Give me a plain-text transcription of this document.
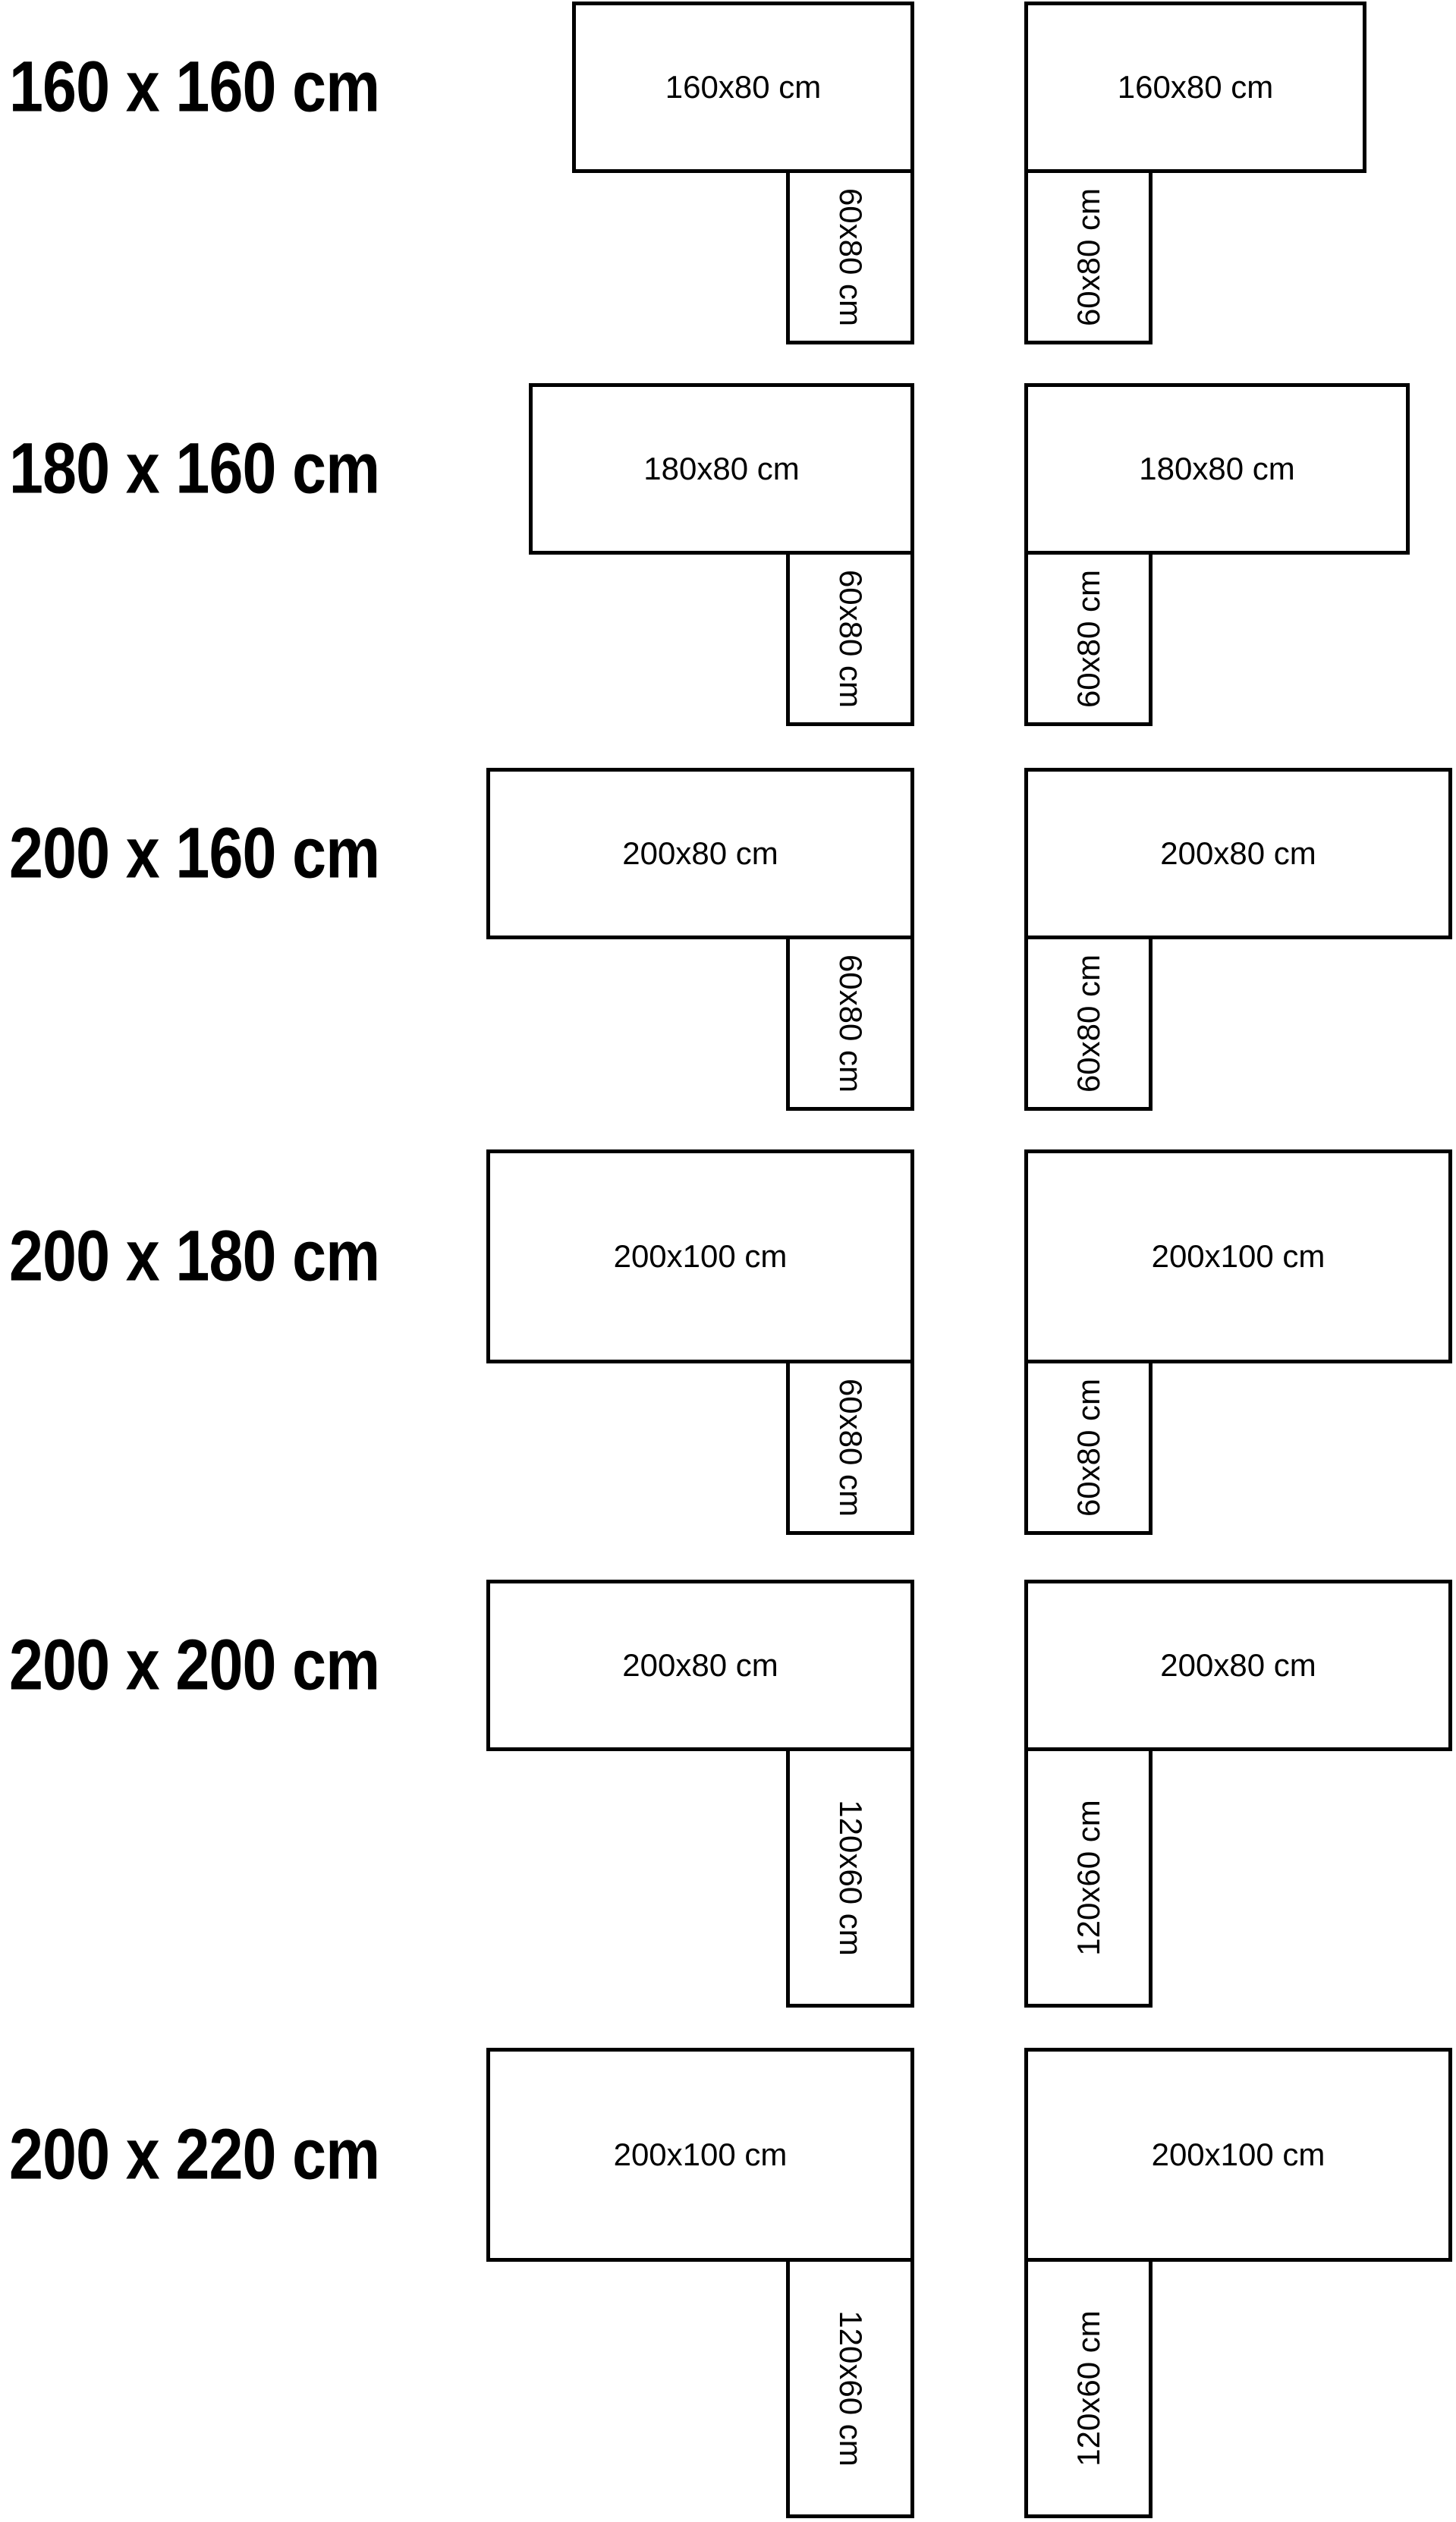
160 x 160 cm	160x80 cm
60x80 cm
160x80 cm
60x80 cm
180 x 160 cm	180x80 cm
60x80 cm
180x80 cm
60x80 cm
200 x 160 cm	200x80 cm
60x80 cm
200x80 cm
60x80 cm
200 x 180 cm	200x100 cm
60x80 cm
200x100 cm
60x80 cm
200 x 200 cm	200x80 cm
120x60 cm
200x80 cm
120x60 cm
200 x 220 cm	200x100 cm
120x60 cm
200x100 cm
120x60 cm
